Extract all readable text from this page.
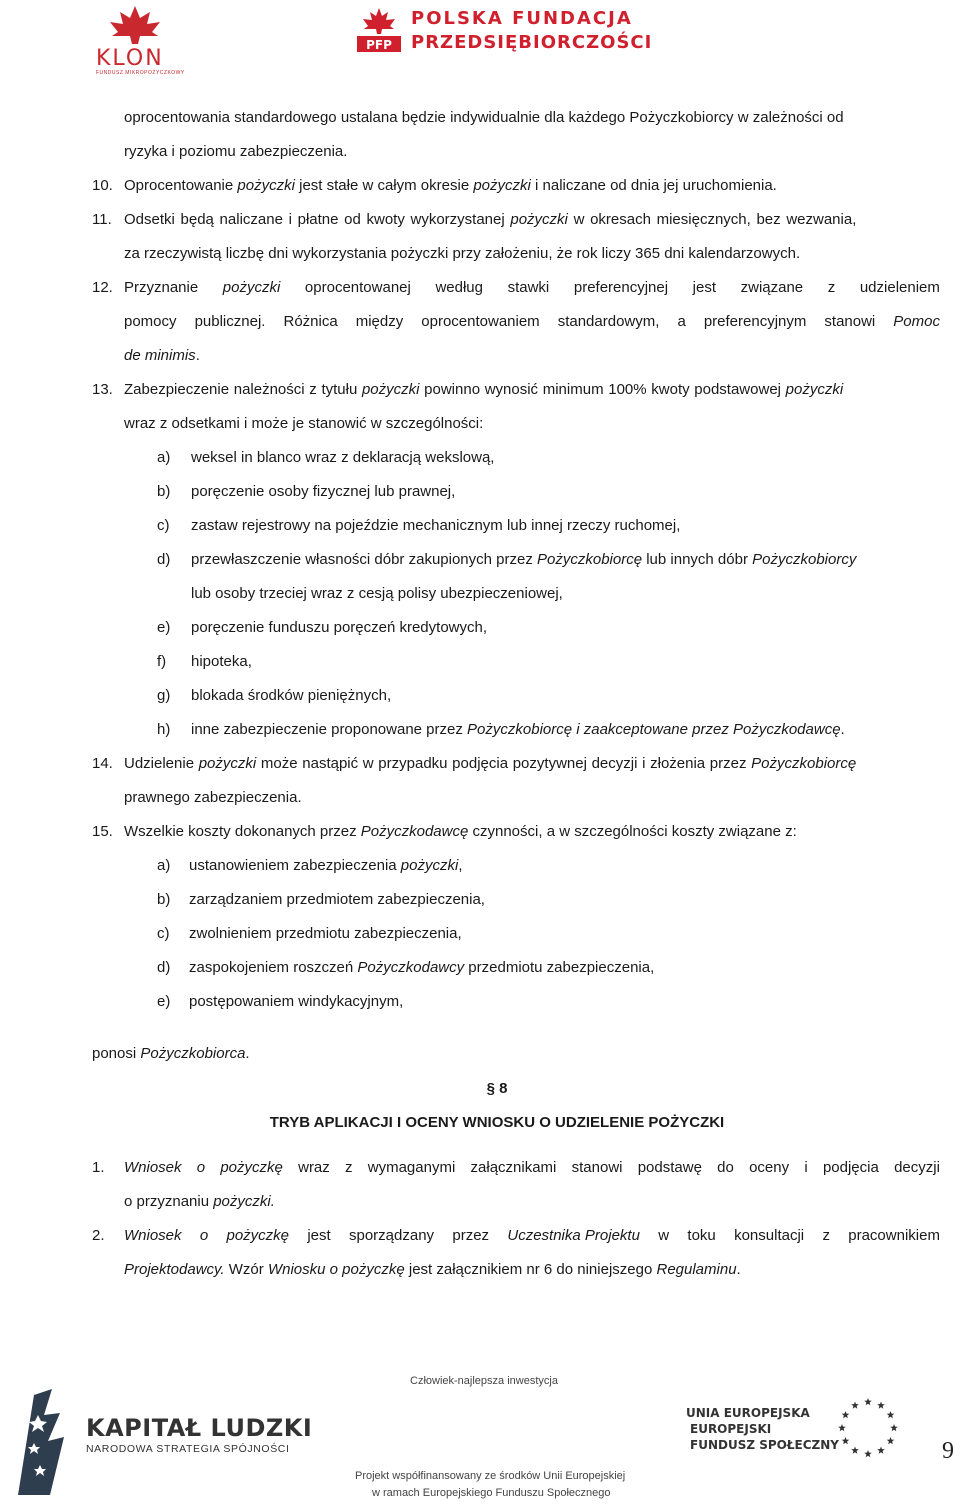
KLON
FUNDUSZ MIKROPOŻYCZKOWY
PFP
POLSKA FUNDACJA
PRZEDSIĘBIORCZOŚCI
oprocentowania standardowego ustalana będzie indywidualnie dla każdego Pożyczkobiorcy w zależności od
ryzyka i poziomu zabezpieczenia.
10. Oprocentowanie pożyczki jest stałe w całym okresie pożyczki i naliczane od dnia jej uruchomienia.
11. Odsetki będą naliczane i płatne od kwoty wykorzystanej pożyczki w okresach miesięcznych, bez wezwania,
za rzeczywistą liczbę dni wykorzystania pożyczki przy założeniu, że rok liczy 365 dni kalendarzowych.
12. Przyznanie pożyczki oprocentowanej według stawki preferencyjnej jest związane z udzieleniem
pomocy publicznej. Różnica między oprocentowaniem standardowym, a preferencyjnym stanowi Pomoc
de minimis.
13. Zabezpieczenie należności z tytułu pożyczki powinno wynosić minimum 100% kwoty podstawowej pożyczki
wraz z odsetkami i może je stanowić w szczególności:
a) weksel in blanco wraz z deklaracją wekslową,
b) poręczenie osoby fizycznej lub prawnej,
c) zastaw rejestrowy na pojeździe mechanicznym lub innej rzeczy ruchomej,
d) przewłaszczenie własności dóbr zakupionych przez Pożyczkobiorcę lub innych dóbr Pożyczkobiorcy
lub osoby trzeciej wraz z cesją polisy ubezpieczeniowej,
e) poręczenie funduszu poręczeń kredytowych,
f) hipoteka,
g) blokada środków pieniężnych,
h) inne zabezpieczenie proponowane przez Pożyczkobiorcę i zaakceptowane przez Pożyczkodawcę.
14. Udzielenie pożyczki może nastąpić w przypadku podjęcia pozytywnej decyzji i złożenia przez Pożyczkobiorcę
prawnego zabezpieczenia.
15. Wszelkie koszty dokonanych przez Pożyczkodawcę czynności, a w szczególności koszty związane z:
a) ustanowieniem zabezpieczenia pożyczki,
b) zarządzaniem przedmiotem zabezpieczenia,
c) zwolnieniem przedmiotu zabezpieczenia,
d) zaspokojeniem roszczeń Pożyczkodawcy przedmiotu zabezpieczenia,
e) postępowaniem windykacyjnym,
ponosi Pożyczkobiorca.
§ 8
TRYB APLIKACJI I OCENY WNIOSKU O UDZIELENIE POŻYCZKI
1. Wniosek o pożyczkę wraz z wymaganymi załącznikami stanowi podstawę do oceny i podjęcia decyzji
o przyznaniu pożyczki.
2. Wniosek o pożyczkę jest sporządzany przez Uczestnika Projektu w toku konsultacji z pracownikiem
Projektodawcy. Wzór Wniosku o pożyczkę jest załącznikiem nr 6 do niniejszego Regulaminu.
Człowiek-najlepsza inwestycja
KAPITAŁ LUDZKI
NARODOWA STRATEGIA SPÓJNOŚCI
UNIA EUROPEJSKA
EUROPEJSKI
FUNDUSZ SPOŁECZNY
Projekt współfinansowany ze środków Unii Europejskiej
w ramach Europejskiego Funduszu Społecznego
9
